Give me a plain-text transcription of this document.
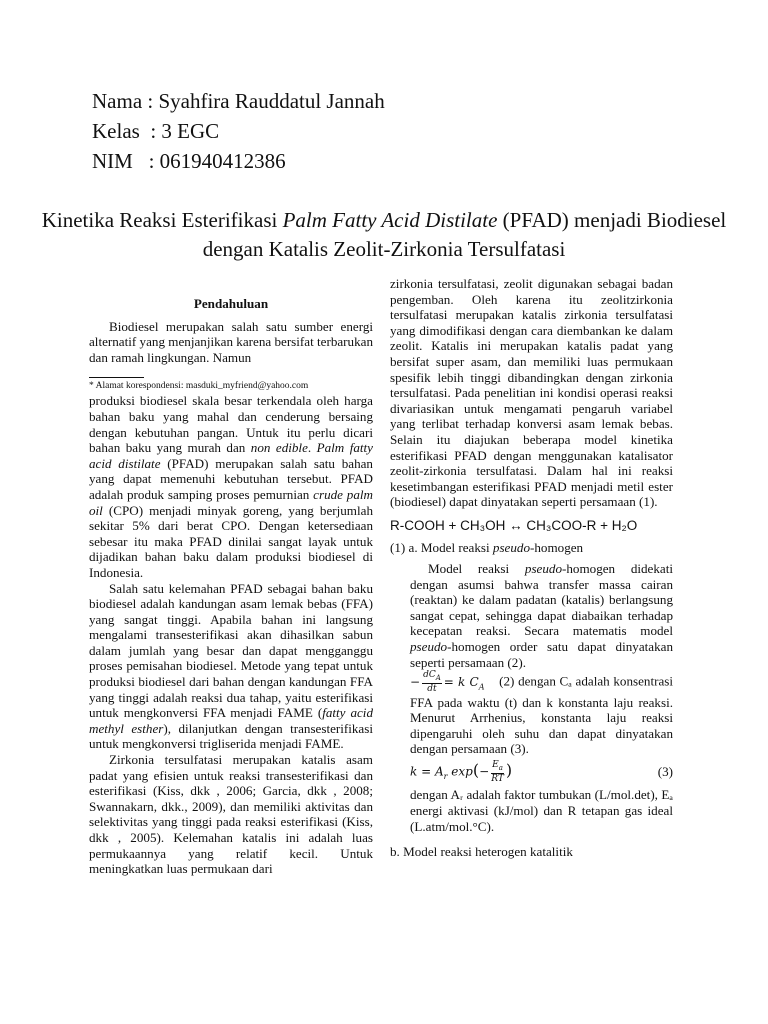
Nama : Syahfira Rauddatul Jannah
Kelas  : 3 EGC
NIM   : 061940412386
Kinetika Reaksi Esterifikasi Palm Fatty Acid Distilate (PFAD) menjadi Biodiesel dengan Katalis Zeolit-Zirkonia Tersulfatasi

Pendahuluan

Biodiesel merupakan salah satu sumber energi alternatif yang menjanjikan karena bersifat terbarukan dan ramah lingkungan. Namun

* Alamat korespondensi: masduki_myfriend@yahoo.com

produksi biodiesel skala besar terkendala oleh harga bahan baku yang mahal dan cenderung bersaing dengan kebutuhan pangan. Untuk itu perlu dicari bahan baku yang murah dan non edible. Palm fatty acid distilate (PFAD) merupakan salah satu bahan yang dapat memenuhi kebutuhan tersebut. PFAD adalah produk samping proses pemurnian crude palm oil (CPO) menjadi minyak goreng, yang berjumlah sekitar 5% dari berat CPO. Dengan ketersediaan sebesar itu maka PFAD dinilai sangat layak untuk dijadikan bahan baku dalam produksi biodiesel di Indonesia.

Salah satu kelemahan PFAD sebagai bahan baku biodiesel adalah kandungan asam lemak bebas (FFA) yang sangat tinggi. Apabila bahan ini langsung mengalami transesterifikasi akan dihasilkan sabun dalam jumlah yang besar dan dapat mengganggu proses pemisahan biodiesel. Metode yang tepat untuk produksi biodiesel dari bahan dengan kandungan FFA yang tinggi adalah reaksi dua tahap, yaitu esterifikasi untuk mengkonversi FFA menjadi FAME (fatty acid methyl esther), dilanjutkan dengan transesterifikasi untuk mengkonversi trigliserida menjadi FAME.

Zirkonia tersulfatasi merupakan katalis asam padat yang efisien untuk reaksi transesterifikasi dan esterifikasi (Kiss, dkk , 2006; Garcia, dkk , 2008; Swannakarn, dkk., 2009), dan memiliki aktivitas dan selektivitas yang tinggi pada reaksi esterifikasi (Kiss, dkk , 2005). Kelemahan katalis ini adalah luas permukaannya yang relatif kecil. Untuk meningkatkan luas permukaan dari

zirkonia tersulfatasi, zeolit digunakan sebagai badan pengemban. Oleh karena itu zeolitzirkonia tersulfatasi merupakan katalis zirkonia tersulfatasi yang dimodifikasi dengan cara diembankan ke dalam zeolit. Katalis ini merupakan katalis padat yang bersifat super asam, dan memiliki luas permukaan spesifik lebih tinggi dibandingkan dengan zirkonia tersulfatasi. Pada penelitian ini kondisi operasi reaksi divariasikan untuk mengamati pengaruh variabel yang terlibat terhadap konversi asam lemak bebas. Selain itu diajukan beberapa model kinetika esterifikasi PFAD dengan menggunakan katalisator zeolit-zirkonia tersulfatasi. Dalam hal ini reaksi kesetimbangan esterifikasi PFAD menjadi metil ester (biodiesel) dapat dinyatakan seperti persamaan (1).

R-COOH + CH₃OH ↔ CH₃COO-R + H₂O

(1) a. Model reaksi pseudo-homogen

Model reaksi pseudo-homogen didekati dengan asumsi bahwa transfer massa cairan (reaktan) ke dalam padatan (katalis) berlangsung sangat cepat, sehingga dapat diabaikan terhadap kecepatan reaksi. Secara matematis model pseudo-homogen order satu dapat dinyatakan seperti persamaan (2).

− $\frac{dC_A}{dt} = k$ $C_A$ (2) dengan Cₐ adalah konsentrasi FFA pada waktu (t) dan k konstanta laju reaksi. Menurut Arrhenius, konstanta laju reaksi dipengaruhi oleh suhu dan dapat dinyatakan dengan persamaan (3).

$k = A_r$ $\exp(- \frac{E_a}{RT}$ )	(3)

dengan Aᵣ adalah faktor tumbukan (L/mol.det), Eₐ energi aktivasi (kJ/mol) dan R tetapan gas ideal (L.atm/mol.°C).

b. Model reaksi heterogen katalitik
